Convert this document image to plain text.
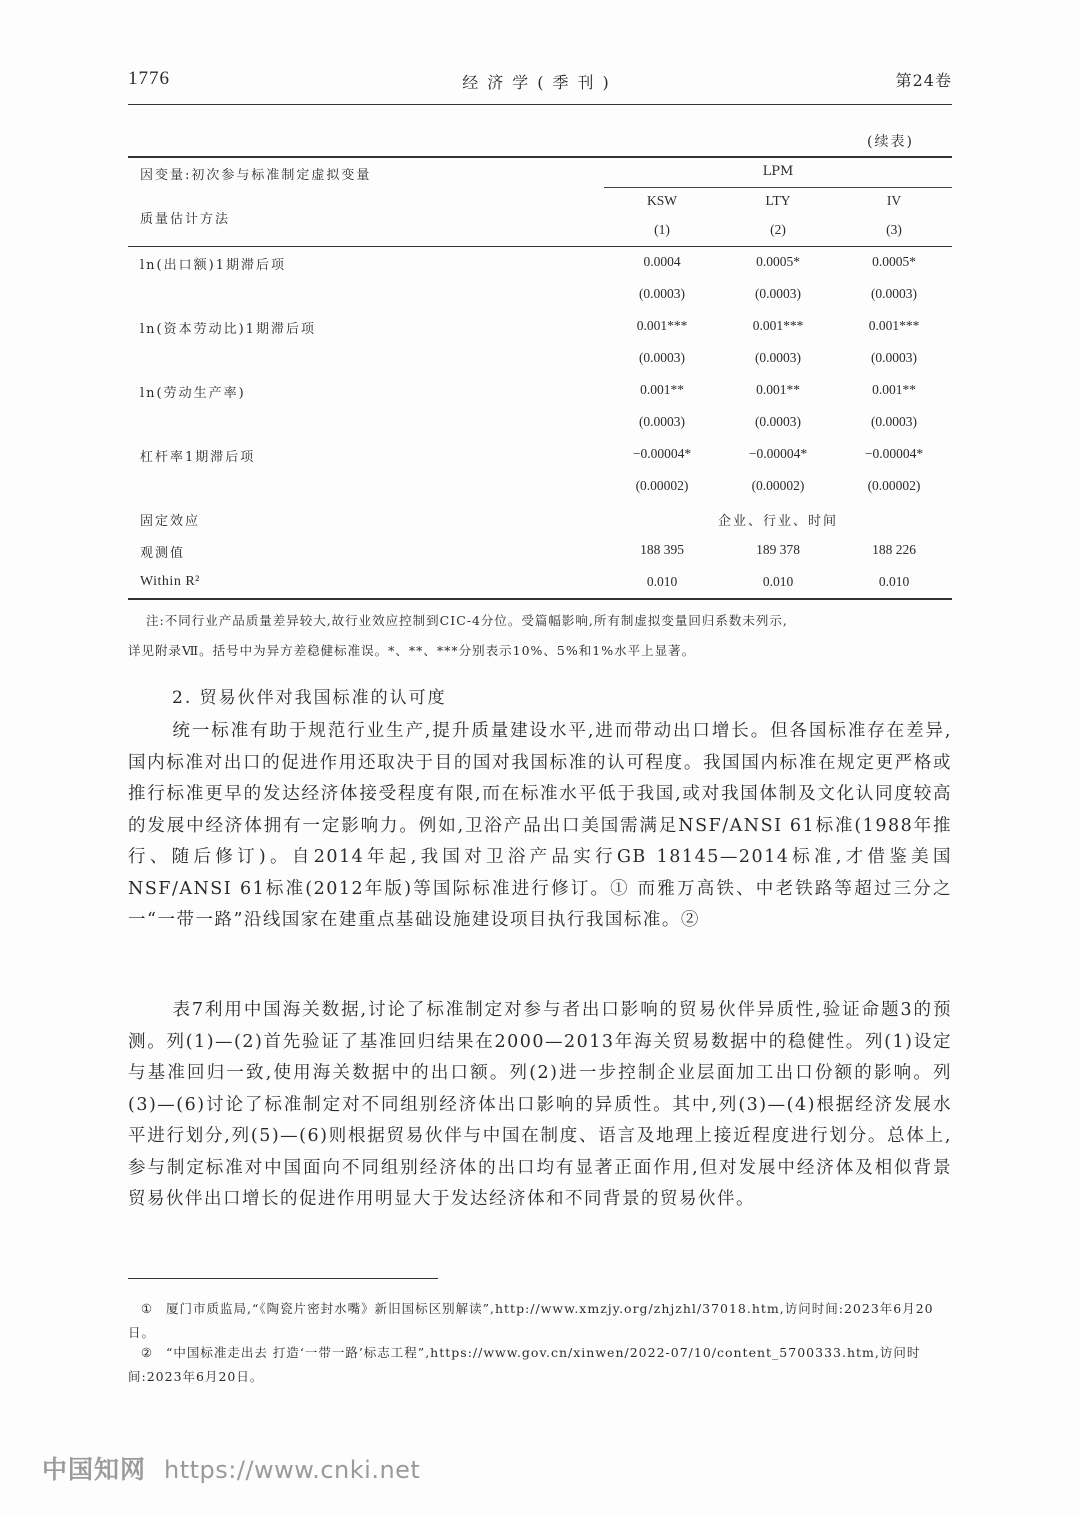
1776	经济学(季刊)	第24卷
(续表)
因变量:初次参与标准制定虚拟变量	LPM
质量估计方法
KSW	LTY	IV
(1)	(2)	(3)
ln(出口额)1期滞后项	0.0004	0.0005*	0.0005*
(0.0003)	(0.0003)	(0.0003)
ln(资本劳动比)1期滞后项	0.001***	0.001***	0.001***
(0.0003)	(0.0003)	(0.0003)
ln(劳动生产率)	0.001**	0.001**	0.001**
(0.0003)	(0.0003)	(0.0003)
杠杆率1期滞后项	−0.00004*	−0.00004*	−0.00004*
(0.00002)	(0.00002)	(0.00002)
固定效应	企业、行业、时间
观测值	188 395	189 378	188 226
Within R²	0.010	0.010	0.010
注:不同行业产品质量差异较大,故行业效应控制到CIC-4分位。受篇幅影响,所有制虚拟变量回归系数未列示,
详见附录Ⅶ。括号中为异方差稳健标准误。*、**、***分别表示10%、5%和1%水平上显著。
2. 贸易伙伴对我国标准的认可度
统一标准有助于规范行业生产,提升质量建设水平,进而带动出口增长。但各国标准存在差异,国内标准对出口的促进作用还取决于目的国对我国标准的认可程度。我国国内标准在规定更严格或推行标准更早的发达经济体接受程度有限,而在标准水平低于我国,或对我国体制及文化认同度较高的发展中经济体拥有一定影响力。例如,卫浴产品出口美国需满足NSF/ANSI 61标准(1988年推行、随后修订)。自2014年起,我国对卫浴产品实行GB 18145—2014标准,才借鉴美国NSF/ANSI 61标准(2012年版)等国际标准进行修订。① 而雅万高铁、中老铁路等超过三分之一“一带一路”沿线国家在建重点基础设施建设项目执行我国标准。②
表7利用中国海关数据,讨论了标准制定对参与者出口影响的贸易伙伴异质性,验证命题3的预测。列(1)—(2)首先验证了基准回归结果在2000—2013年海关贸易数据中的稳健性。列(1)设定与基准回归一致,使用海关数据中的出口额。列(2)进一步控制企业层面加工出口份额的影响。列(3)—(6)讨论了标准制定对不同组别经济体出口影响的异质性。其中,列(3)—(4)根据经济发展水平进行划分,列(5)—(6)则根据贸易伙伴与中国在制度、语言及地理上接近程度进行划分。总体上,参与制定标准对中国面向不同组别经济体的出口均有显著正面作用,但对发展中经济体及相似背景贸易伙伴出口增长的促进作用明显大于发达经济体和不同背景的贸易伙伴。
① 厦门市质监局,“《陶瓷片密封水嘴》新旧国标区别解读”,http://www.xmzjy.org/zhjzhl/37018.htm,访问时间:2023年6月20日。
② “中国标准走出去 打造‘一带一路’标志工程”,https://www.gov.cn/xinwen/2022-07/10/content_5700333.htm,访问时间:2023年6月20日。
中国知网 https://www.cnki.net
